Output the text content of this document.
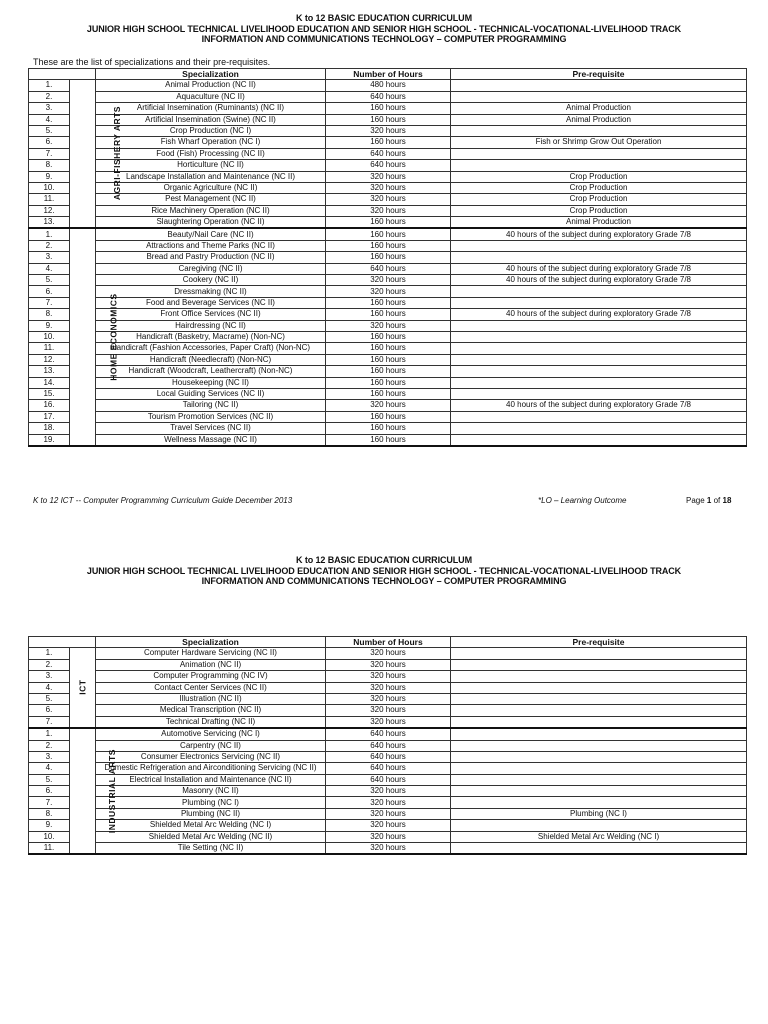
K to 12 BASIC EDUCATION CURRICULUM
JUNIOR HIGH SCHOOL TECHNICAL LIVELIHOOD EDUCATION AND SENIOR HIGH SCHOOL - TECHNICAL-VOCATIONAL-LIVELIHOOD TRACK
INFORMATION AND COMMUNICATIONS TECHNOLOGY – COMPUTER PROGRAMMING
These are the list of specializations and their pre-requisites.
		Specialization	Number of Hours	Pre-requisite
1.	AGRI-FISHERY ARTS	Animal Production (NC II)	480 hours	
2.		Aquaculture (NC II)	640 hours	
3.		Artificial Insemination (Ruminants) (NC II)	160 hours	Animal Production
4.		Artificial Insemination (Swine) (NC II)	160 hours	Animal Production
5.		Crop Production (NC I)	320 hours	
6.		Fish Wharf Operation (NC I)	160 hours	Fish or Shrimp Grow Out Operation
7.		Food (Fish) Processing (NC II)	640 hours	
8.		Horticulture (NC II)	640 hours	
9.		Landscape Installation and Maintenance (NC II)	320 hours	Crop Production
10.		Organic Agriculture (NC II)	320 hours	Crop Production
11.		Pest Management (NC II)	320 hours	Crop Production
12.		Rice Machinery Operation (NC II)	320 hours	Crop Production
13.		Slaughtering Operation (NC II)	160 hours	Animal Production
1.	HOME ECONOMICS	Beauty/Nail Care (NC II)	160 hours	40 hours of the subject during exploratory Grade 7/8
2.		Attractions and Theme Parks (NC II)	160 hours	
3.		Bread and Pastry Production (NC II)	160 hours	
4.		Caregiving (NC II)	640 hours	40 hours of the subject during exploratory Grade 7/8
5.		Cookery (NC II)	320 hours	40 hours of the subject during exploratory Grade 7/8
6.		Dressmaking (NC II)	320 hours	
7.		Food and Beverage Services (NC II)	160 hours	
8.		Front Office Services (NC II)	160 hours	40 hours of the subject during exploratory Grade 7/8
9.		Hairdressing (NC II)	320 hours	
10.		Handicraft (Basketry, Macrame) (Non-NC)	160 hours	
11.		Handicraft (Fashion Accessories, Paper Craft) (Non-NC)	160 hours	
12.		Handicraft (Needlecraft) (Non-NC)	160 hours	
13.		Handicraft (Woodcraft, Leathercraft) (Non-NC)	160 hours	
14.		Housekeeping (NC II)	160 hours	
15.		Local Guiding Services (NC II)	160 hours	
16.		Tailoring (NC II)	320 hours	40 hours of the subject during exploratory Grade 7/8
17.		Tourism Promotion Services (NC II)	160 hours	
18.		Travel Services (NC II)	160 hours	
19.		Wellness Massage (NC II)	160 hours	
K to 12 ICT -- Computer Programming Curriculum Guide December 2013	*LO – Learning Outcome	Page 1 of 18
K to 12 BASIC EDUCATION CURRICULUM
JUNIOR HIGH SCHOOL TECHNICAL LIVELIHOOD EDUCATION AND SENIOR HIGH SCHOOL - TECHNICAL-VOCATIONAL-LIVELIHOOD TRACK
INFORMATION AND COMMUNICATIONS TECHNOLOGY – COMPUTER PROGRAMMING
		Specialization	Number of Hours	Pre-requisite
1.	ICT	Computer Hardware Servicing (NC II)	320 hours	
2.		Animation (NC II)	320 hours	
3.		Computer Programming (NC IV)	320 hours	
4.		Contact Center Services (NC II)	320 hours	
5.		Illustration (NC II)	320 hours	
6.		Medical Transcription (NC II)	320 hours	
7.		Technical Drafting (NC II)	320 hours	
1.	INDUSTRIAL ARTS	Automotive Servicing (NC I)	640 hours	
2.		Carpentry (NC II)	640 hours	
3.		Consumer Electronics Servicing (NC II)	640 hours	
4.		Domestic Refrigeration and Airconditioning Servicing (NC II)	640 hours	
5.		Electrical Installation and Maintenance (NC II)	640 hours	
6.		Masonry (NC II)	320 hours	
7.		Plumbing (NC I)	320 hours	
8.		Plumbing (NC II)	320 hours	Plumbing (NC I)
9.		Shielded Metal Arc Welding (NC I)	320 hours	
10.		Shielded Metal Arc Welding (NC II)	320 hours	Shielded Metal Arc Welding (NC I)
11.		Tile Setting (NC II)	320 hours	
